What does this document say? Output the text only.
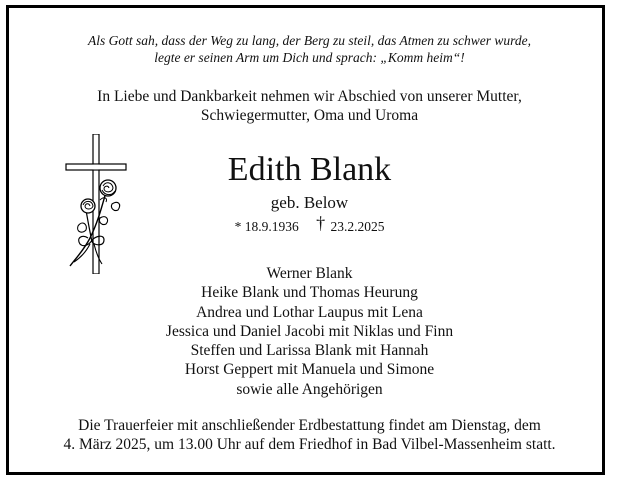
Als Gott sah, dass der Weg zu lang, der Berg zu steil, das Atmen zu schwer wurde,
legte er seinen Arm um Dich und sprach: „Komm heim“!
In Liebe und Dankbarkeit nehmen wir Abschied von unserer Mutter,
Schwiegermutter, Oma und Uroma
Edith Blank
geb. Below
* 18.9.1936 † 23.2.2025
Werner Blank
Heike Blank und Thomas Heurung
Andrea und Lothar Laupus mit Lena
Jessica und Daniel Jacobi mit Niklas und Finn
Steffen und Larissa Blank mit Hannah
Horst Geppert mit Manuela und Simone
sowie alle Angehörigen
Die Trauerfeier mit anschließender Erdbestattung findet am Dienstag, dem
4. März 2025, um 13.00 Uhr auf dem Friedhof in Bad Vilbel-Massenheim statt.
